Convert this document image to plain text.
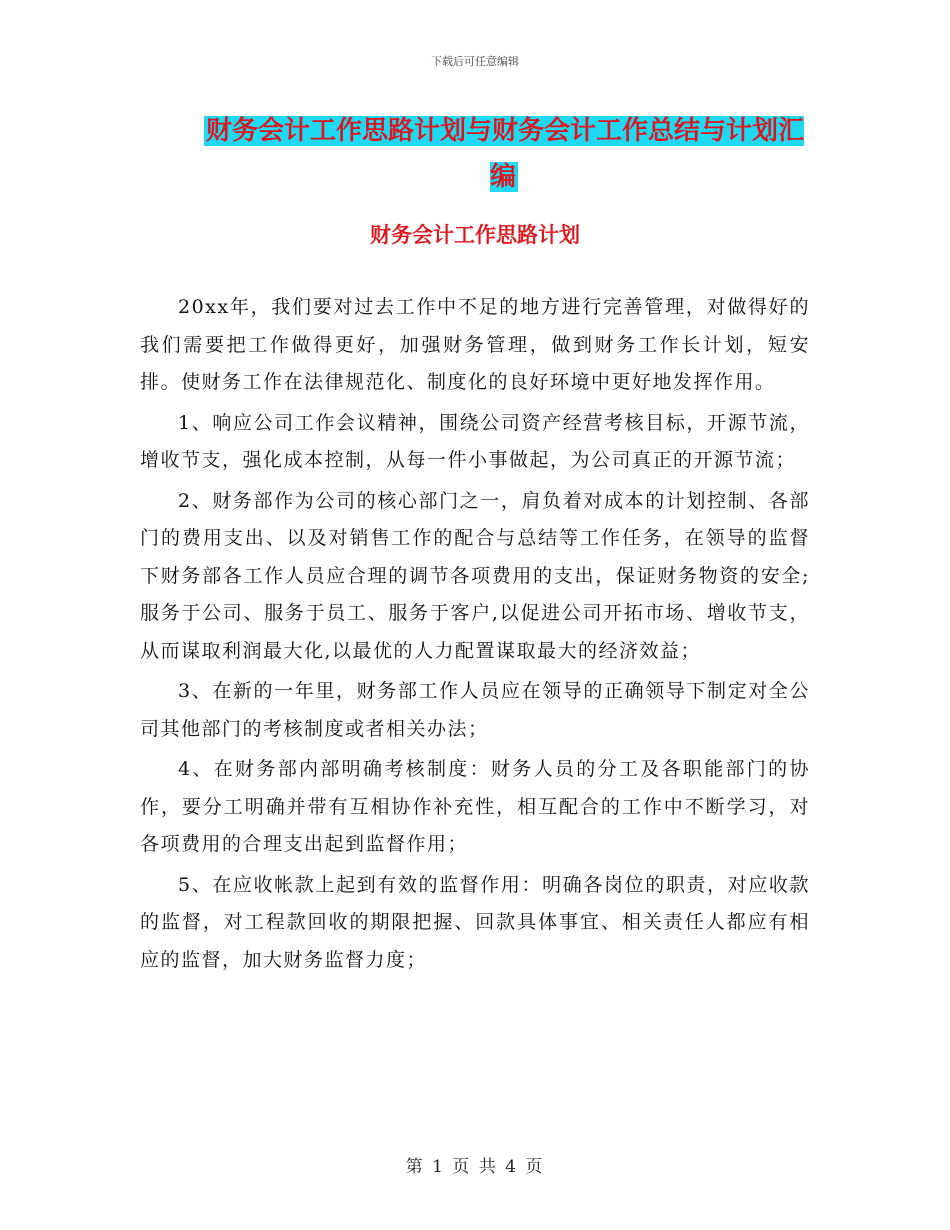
下载后可任意编辑
财务会计工作思路计划与财务会计工作总结与计划汇编
财务会计工作思路计划

20xx年，我们要对过去工作中不足的地方进行完善管理，对做得好的我们需要把工作做得更好，加强财务管理，做到财务工作长计划，短安排。使财务工作在法律规范化、制度化的良好环境中更好地发挥作用。

1、响应公司工作会议精神，围绕公司资产经营考核目标，开源节流，增收节支，强化成本控制，从每一件小事做起，为公司真正的开源节流；

2、财务部作为公司的核心部门之一，肩负着对成本的计划控制、各部门的费用支出、以及对销售工作的配合与总结等工作任务，在领导的监督下财务部各工作人员应合理的调节各项费用的支出，保证财务物资的安全;服务于公司、服务于员工、服务于客户,以促进公司开拓市场、增收节支，从而谋取利润最大化,以最优的人力配置谋取最大的经济效益；

3、在新的一年里，财务部工作人员应在领导的正确领导下制定对全公司其他部门的考核制度或者相关办法；

4、在财务部内部明确考核制度：财务人员的分工及各职能部门的协作，要分工明确并带有互相协作补充性，相互配合的工作中不断学习，对各项费用的合理支出起到监督作用；

5、在应收帐款上起到有效的监督作用：明确各岗位的职责，对应收款的监督，对工程款回收的期限把握、回款具体事宜、相关责任人都应有相应的监督，加大财务监督力度；

第 1 页 共 4 页
